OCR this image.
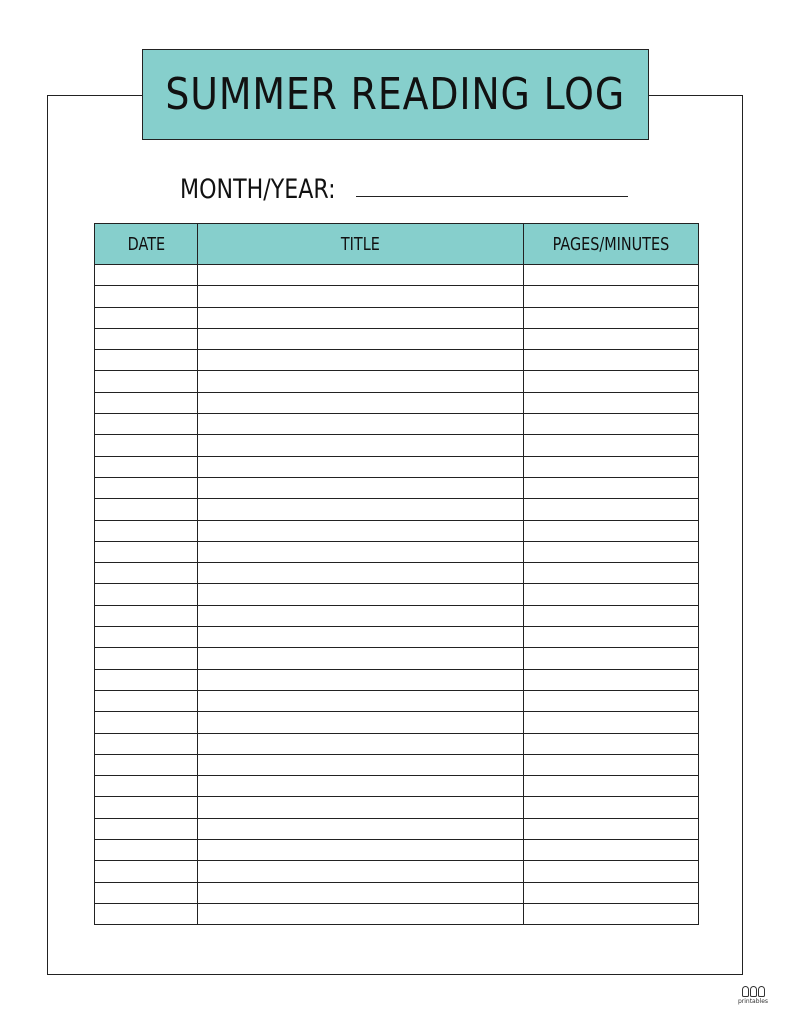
SUMMER READING LOG
MONTH/YEAR:
DATE	TITLE	PAGES/MINUTES

printables
